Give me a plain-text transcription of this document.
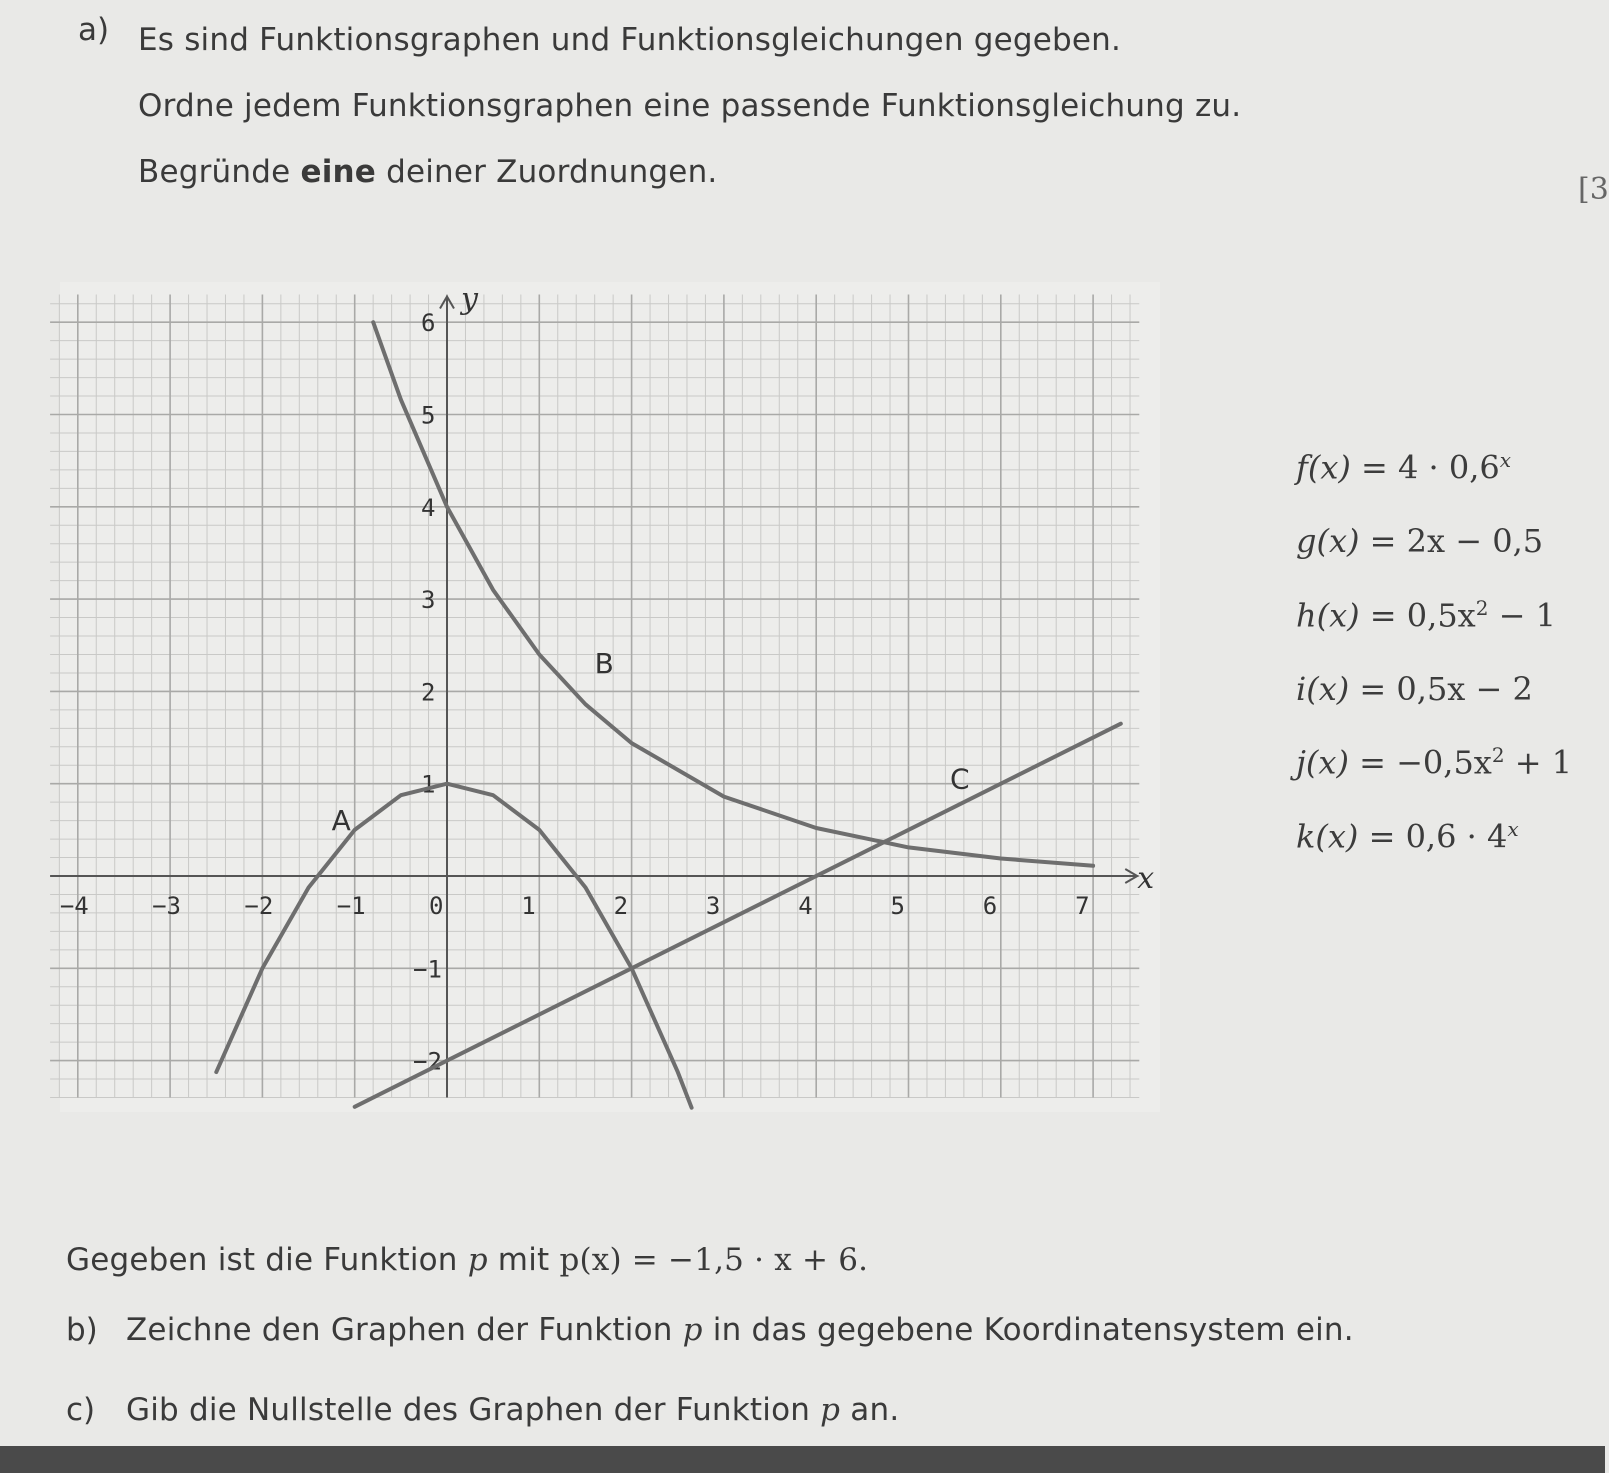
a) Es sind Funktionsgraphen und Funktionsgleichungen gegeben.
Ordne jedem Funktionsgraphen eine passende Funktionsgleichung zu.
Begründe eine deiner Zuordnungen.	[3
x
y
−4	−3	−2	−1	0	1	2	3	4	5	6	7
6
5
4
3
2
1
−1
−2
A
B
C
$f(x) = 4 \cdot 0,6^x$
g(x) = 2x − 0,5
$h(x) = 0,5x^2 - 1$
i(x) = 0,5x − 2
$j(x) = -0,5x^2 + 1$
$k(x) = 0,6 \cdot 4^x$
Gegeben ist die Funktion p mit p(x) = −1,5 · x + 6.
b) Zeichne den Graphen der Funktion p in das gegebene Koordinatensystem ein.
c) Gib die Nullstelle des Graphen der Funktion p an.
